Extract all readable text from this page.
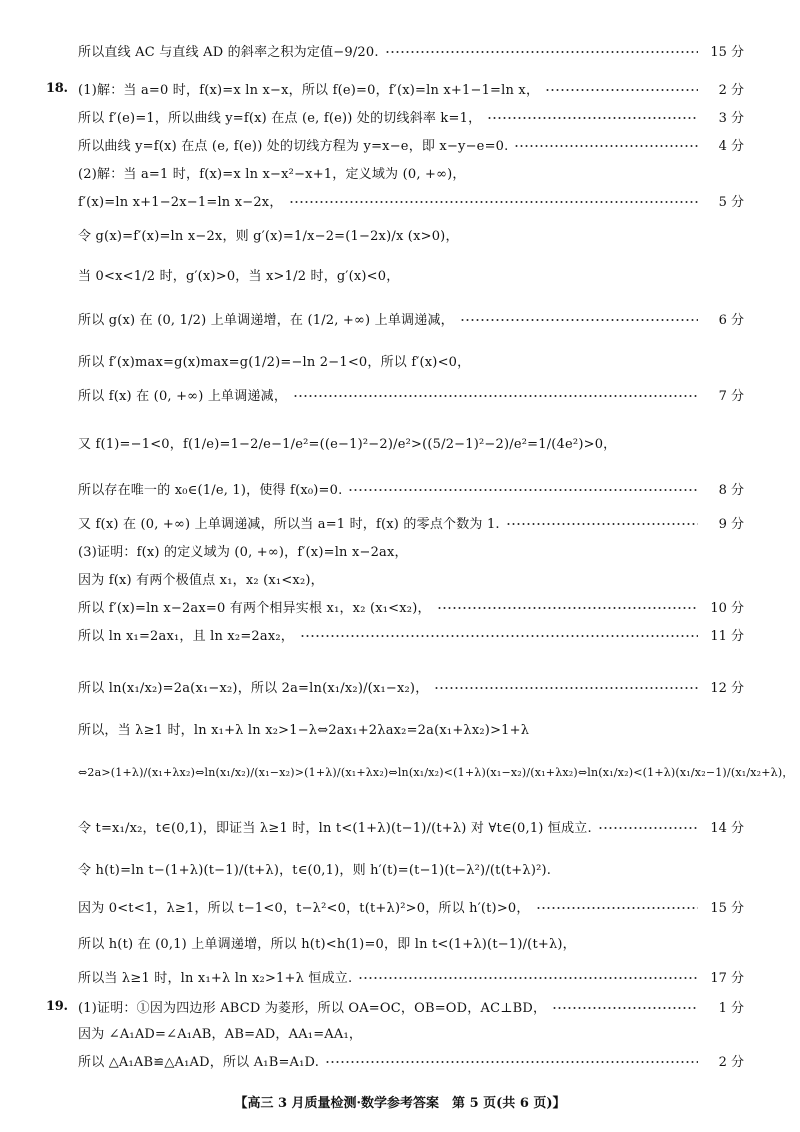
所以直线 AC 与直线 AD 的斜率之积为定值−9/20.	15 分
18. (1)解：当 a=0 时，f(x)=x ln x−x，所以 f(e)=0，f′(x)=ln x+1−1=ln x，	2 分
所以 f′(e)=1，所以曲线 y=f(x) 在点 (e, f(e)) 处的切线斜率 k=1，	3 分
所以曲线 y=f(x) 在点 (e, f(e)) 处的切线方程为 y=x−e，即 x−y−e=0.	4 分
(2)解：当 a=1 时，f(x)=x ln x−x²−x+1，定义域为 (0, +∞)，
f′(x)=ln x+1−2x−1=ln x−2x，	5 分
令 g(x)=f′(x)=ln x−2x，则 g′(x)=1/x−2=(1−2x)/x (x>0)，
当 0<x<1/2 时，g′(x)>0，当 x>1/2 时，g′(x)<0，
所以 g(x) 在 (0, 1/2) 上单调递增，在 (1/2, +∞) 上单调递减，	6 分
所以 f′(x)max=g(x)max=g(1/2)=−ln 2−1<0，所以 f′(x)<0，
所以 f(x) 在 (0, +∞) 上单调递减，	7 分
又 f(1)=−1<0，f(1/e)=1−2/e−1/e²=((e−1)²−2)/e²>((5/2−1)²−2)/e²=1/(4e²)>0，
所以存在唯一的 x₀∈(1/e, 1)，使得 f(x₀)=0.	8 分
又 f(x) 在 (0, +∞) 上单调递减，所以当 a=1 时，f(x) 的零点个数为 1.	9 分
(3)证明：f(x) 的定义域为 (0, +∞)，f′(x)=ln x−2ax，
因为 f(x) 有两个极值点 x₁，x₂ (x₁<x₂)，
所以 f′(x)=ln x−2ax=0 有两个相异实根 x₁，x₂ (x₁<x₂)，	10 分
所以 ln x₁=2ax₁，且 ln x₂=2ax₂，	11 分
所以 ln(x₁/x₂)=2a(x₁−x₂)，所以 2a=ln(x₁/x₂)/(x₁−x₂)，	12 分
所以，当 λ≥1 时，ln x₁+λ ln x₂>1−λ⇔2ax₁+2λax₂=2a(x₁+λx₂)>1+λ
⇔2a>(1+λ)/(x₁+λx₂)⇔ln(x₁/x₂)/(x₁−x₂)>(1+λ)/(x₁+λx₂)⇔ln(x₁/x₂)<(1+λ)(x₁−x₂)/(x₁+λx₂)⇔ln(x₁/x₂)<(1+λ)(x₁/x₂−1)/(x₁/x₂+λ)，
令 t=x₁/x₂，t∈(0,1)，即证当 λ≥1 时，ln t<(1+λ)(t−1)/(t+λ) 对 ∀t∈(0,1) 恒成立.	14 分
令 h(t)=ln t−(1+λ)(t−1)/(t+λ)，t∈(0,1)，则 h′(t)=(t−1)(t−λ²)/(t(t+λ)²).
因为 0<t<1，λ≥1，所以 t−1<0，t−λ²<0，t(t+λ)²>0，所以 h′(t)>0，	15 分
所以 h(t) 在 (0,1) 上单调递增，所以 h(t)<h(1)=0，即 ln t<(1+λ)(t−1)/(t+λ)，
所以当 λ≥1 时，ln x₁+λ ln x₂>1+λ 恒成立.	17 分
19. (1)证明：①因为四边形 ABCD 为菱形，所以 OA=OC，OB=OD，AC⊥BD，	1 分
因为 ∠A₁AD=∠A₁AB，AB=AD，AA₁=AA₁，
所以 △A₁AB≌△A₁AD，所以 A₁B=A₁D.	2 分
【高三 3 月质量检测·数学参考答案　第 5 页(共 6 页)】
